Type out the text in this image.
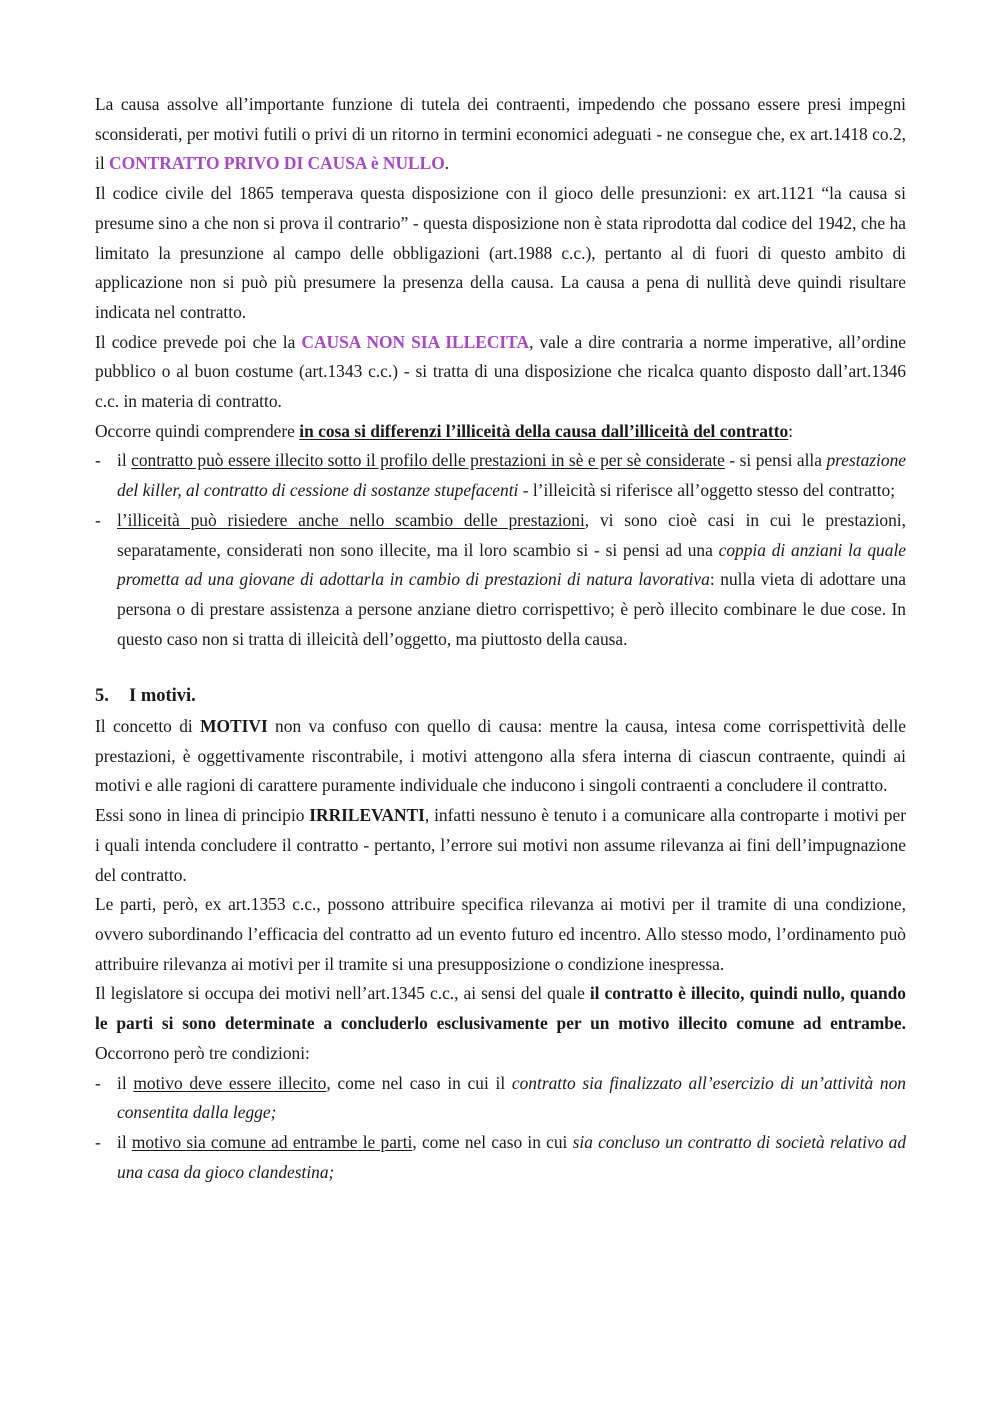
La causa assolve all’importante funzione di tutela dei contraenti, impedendo che possano essere presi impegni sconsiderati, per motivi futili o privi di un ritorno in termini economici adeguati - ne consegue che, ex art.1418 co.2, il CONTRATTO PRIVO DI CAUSA è NULLO.

Il codice civile del 1865 temperava questa disposizione con il gioco delle presunzioni: ex art.1121 “la causa si presume sino a che non si prova il contrario” - questa disposizione non è stata riprodotta dal codice del 1942, che ha limitato la presunzione al campo delle obbligazioni (art.1988 c.c.), pertanto al di fuori di questo ambito di applicazione non si può più presumere la presenza della causa. La causa a pena di nullità deve quindi risultare indicata nel contratto.

Il codice prevede poi che la CAUSA NON SIA ILLECITA, vale a dire contraria a norme imperative, all’ordine pubblico o al buon costume (art.1343 c.c.) - si tratta di una disposizione che ricalca quanto disposto dall’art.1346 c.c. in materia di contratto.

Occorre quindi comprendere in cosa si differenzi l’illiceità della causa dall’illiceità del contratto:

- il contratto può essere illecito sotto il profilo delle prestazioni in sè e per sè considerate - si pensi alla prestazione del killer, al contratto di cessione di sostanze stupefacenti - l’illeicità si riferisce all’oggetto stesso del contratto;
- l’illiceità può risiedere anche nello scambio delle prestazioni, vi sono cioè casi in cui le prestazioni, separatamente, considerati non sono illecite, ma il loro scambio si - si pensi ad una coppia di anziani la quale prometta ad una giovane di adottarla in cambio di prestazioni di natura lavorativa: nulla vieta di adottare una persona o di prestare assistenza a persone anziane dietro corrispettivo; è però illecito combinare le due cose. In questo caso non si tratta di illeicità dell’oggetto, ma piuttosto della causa.
5. I motivi.

Il concetto di MOTIVI non va confuso con quello di causa: mentre la causa, intesa come corrispettività delle prestazioni, è oggettivamente riscontrabile, i motivi attengono alla sfera interna di ciascun contraente, quindi ai motivi e alle ragioni di carattere puramente individuale che inducono i singoli contraenti a concludere il contratto.

Essi sono in linea di principio IRRILEVANTI, infatti nessuno è tenuto i a comunicare alla controparte i motivi per i quali intenda concludere il contratto - pertanto, l’errore sui motivi non assume rilevanza ai fini dell’impugnazione del contratto.

Le parti, però, ex art.1353 c.c., possono attribuire specifica rilevanza ai motivi per il tramite di una condizione, ovvero subordinando l’efficacia del contratto ad un evento futuro ed incentro. Allo stesso modo, l’ordinamento può attribuire rilevanza ai motivi per il tramite si una presupposizione o condizione inespressa.

Il legislatore si occupa dei motivi nell’art.1345 c.c., ai sensi del quale il contratto è illecito, quindi nullo, quando le parti si sono determinate a concluderlo esclusivamente per un motivo illecito comune ad entrambe. Occorrono però tre condizioni:

- il motivo deve essere illecito, come nel caso in cui il contratto sia finalizzato all’esercizio di un’attività non consentita dalla legge;
- il motivo sia comune ad entrambe le parti, come nel caso in cui sia concluso un contratto di società relativo ad una casa da gioco clandestina;
